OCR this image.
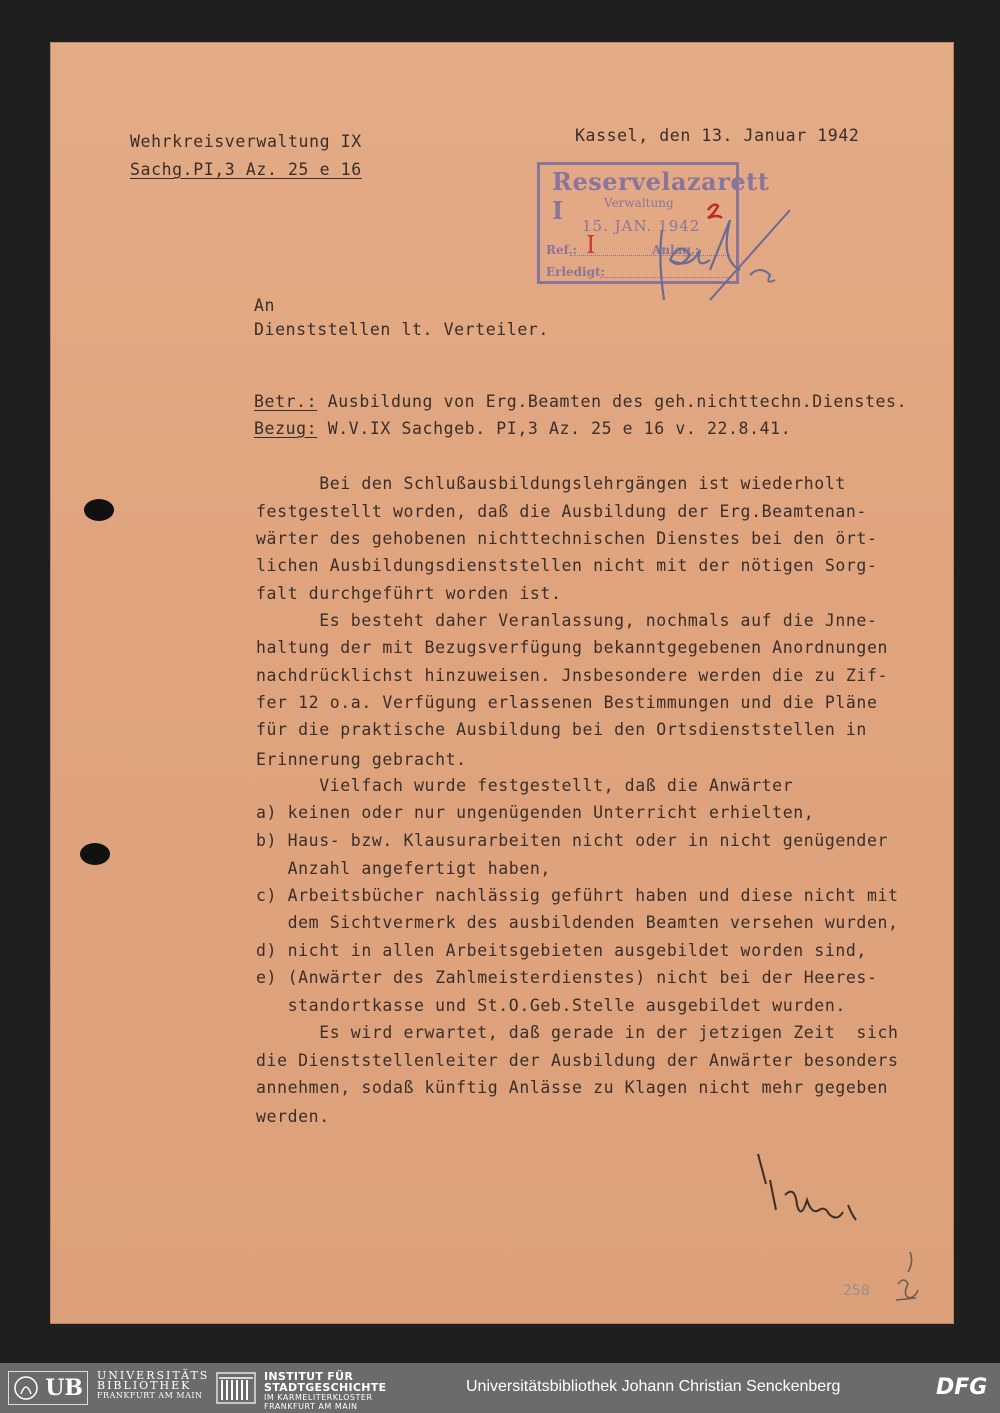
Wehrkreisverwaltung IX
Sachg.PI,3 Az. 25 e 16
Kassel, den 13. Januar 1942
Reservelazarett I	Verwaltung
15. JAN. 1942
Ref.: I	Anlag.:
Erledigt:
An
Dienststellen lt. Verteiler.
Betr.: Ausbildung von Erg.Beamten des geh.nichttechn.Dienstes.
Bezug: W.V.IX Sachgeb. PI,3 Az. 25 e 16 v. 22.8.41.
Bei den Schlußausbildungslehrgängen ist wiederholt
festgestellt worden, daß die Ausbildung der Erg.Beamtenan-
wärter des gehobenen nichttechnischen Dienstes bei den ört-
lichen Ausbildungsdienststellen nicht mit der nötigen Sorg-
falt durchgeführt worden ist.
Es besteht daher Veranlassung, nochmals auf die Jnne-
haltung der mit Bezugsverfügung bekanntgegebenen Anordnungen
nachdrücklichst hinzuweisen. Jnsbesondere werden die zu Zif-
fer 12 o.a. Verfügung erlassenen Bestimmungen und die Pläne
für die praktische Ausbildung bei den Ortsdienststellen in
Erinnerung gebracht.
Vielfach wurde festgestellt, daß die Anwärter
a) keinen oder nur ungenügenden Unterricht erhielten,
b) Haus- bzw. Klausurarbeiten nicht oder in nicht genügender
Anzahl angefertigt haben,
c) Arbeitsbücher nachlässig geführt haben und diese nicht mit
dem Sichtvermerk des ausbildenden Beamten versehen wurden,
d) nicht in allen Arbeitsgebieten ausgebildet worden sind,
e) (Anwärter des Zahlmeisterdienstes) nicht bei der Heeres-
standortkasse und St.O.Geb.Stelle ausgebildet wurden.
Es wird erwartet, daß gerade in der jetzigen Zeit  sich
die Dienststellenleiter der Ausbildung der Anwärter besonders
annehmen, sodaß künftig Anlässe zu Klagen nicht mehr gegeben
werden.
258
UB UNIVERSITÄTS
BIBLIOTHEK
FRANKFURT AM MAIN
INSTITUT FÜR
STADTGESCHICHTE
IM KARMELITERKLOSTER
FRANKFURT AM MAIN
Universitätsbibliothek Johann Christian Senckenberg	DFG
